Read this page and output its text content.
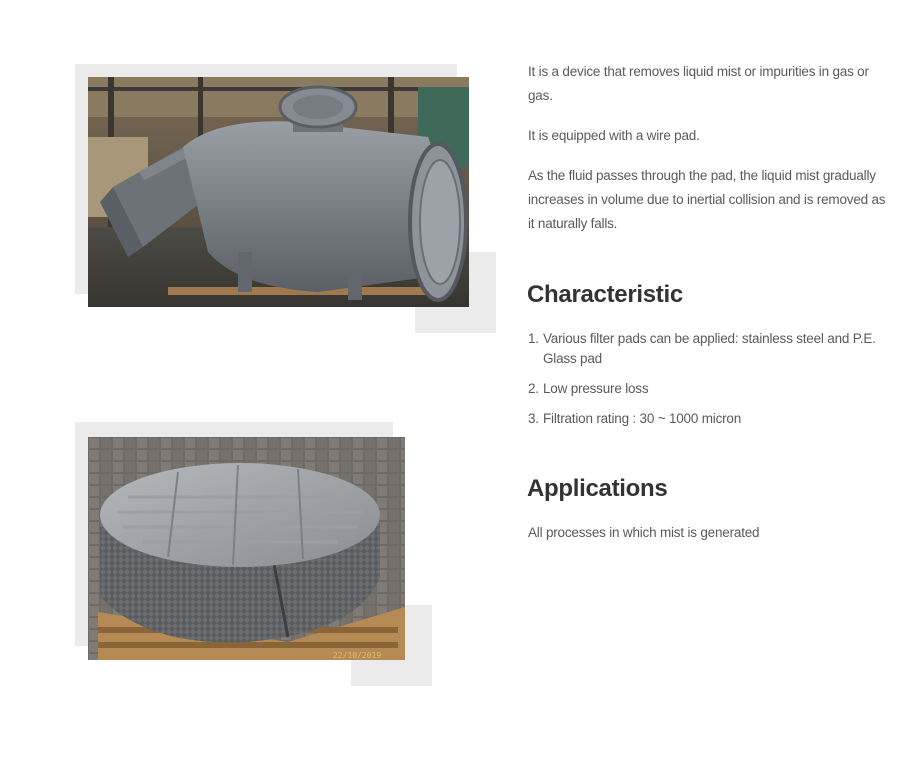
22/10/2019

It is a device that removes liquid mist or impurities in gas or gas.

It is equipped with a wire pad.

As the fluid passes through the pad, the liquid mist gradually increases in volume due to inertial collision and is removed as it naturally falls.

Characteristic
1. Various filter pads can be applied: stainless steel and P.E. Glass pad
2. Low pressure loss
3. Filtration rating : 30 ~ 1000 micron
Applications
All processes in which mist is generated
